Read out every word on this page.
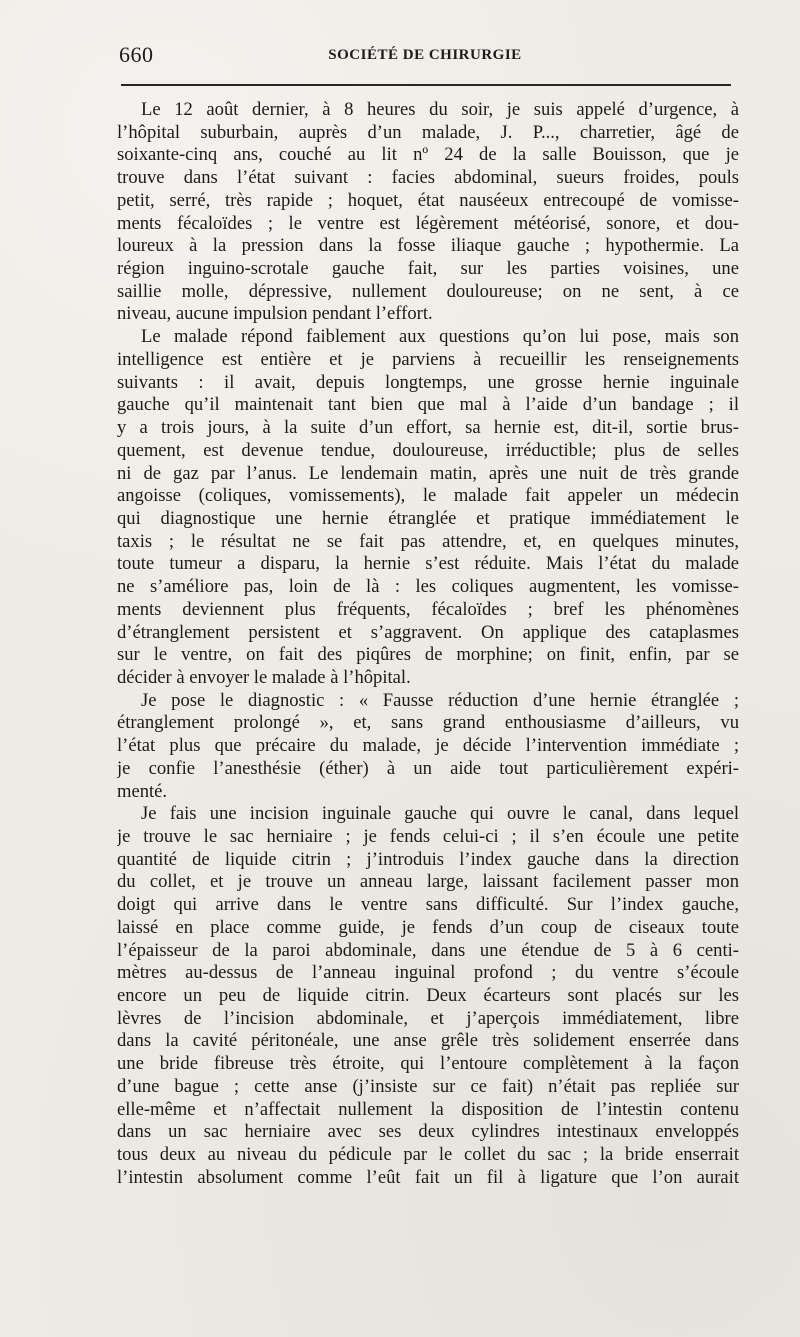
660	SOCIÉTÉ DE CHIRURGIE
Le 12 août dernier, à 8 heures du soir, je suis appelé d’urgence, à
l’hôpital suburbain, auprès d’un malade, J. P..., charretier, âgé de
soixante-cinq ans, couché au lit nº 24 de la salle Bouisson, que je
trouve dans l’état suivant : facies abdominal, sueurs froides, pouls
petit, serré, très rapide ; hoquet, état nauséeux entrecoupé de vomisse-
ments fécaloïdes ; le ventre est légèrement météorisé, sonore, et dou-
loureux à la pression dans la fosse iliaque gauche ; hypothermie. La
région inguino-scrotale gauche fait, sur les parties voisines, une
saillie molle, dépressive, nullement douloureuse; on ne sent, à ce
niveau, aucune impulsion pendant l’effort.
Le malade répond faiblement aux questions qu’on lui pose, mais son
intelligence est entière et je parviens à recueillir les renseignements
suivants : il avait, depuis longtemps, une grosse hernie inguinale
gauche qu’il maintenait tant bien que mal à l’aide d’un bandage ; il
y a trois jours, à la suite d’un effort, sa hernie est, dit-il, sortie brus-
quement, est devenue tendue, douloureuse, irréductible; plus de selles
ni de gaz par l’anus. Le lendemain matin, après une nuit de très grande
angoisse (coliques, vomissements), le malade fait appeler un médecin
qui diagnostique une hernie étranglée et pratique immédiatement le
taxis ; le résultat ne se fait pas attendre, et, en quelques minutes,
toute tumeur a disparu, la hernie s’est réduite. Mais l’état du malade
ne s’améliore pas, loin de là : les coliques augmentent, les vomisse-
ments deviennent plus fréquents, fécaloïdes ; bref les phénomènes
d’étranglement persistent et s’aggravent. On applique des cataplasmes
sur le ventre, on fait des piqûres de morphine; on finit, enfin, par se
décider à envoyer le malade à l’hôpital.
Je pose le diagnostic : « Fausse réduction d’une hernie étranglée ;
étranglement prolongé », et, sans grand enthousiasme d’ailleurs, vu
l’état plus que précaire du malade, je décide l’intervention immédiate ;
je confie l’anesthésie (éther) à un aide tout particulièrement expéri-
menté.
Je fais une incision inguinale gauche qui ouvre le canal, dans lequel
je trouve le sac herniaire ; je fends celui-ci ; il s’en écoule une petite
quantité de liquide citrin ; j’introduis l’index gauche dans la direction
du collet, et je trouve un anneau large, laissant facilement passer mon
doigt qui arrive dans le ventre sans difficulté. Sur l’index gauche,
laissé en place comme guide, je fends d’un coup de ciseaux toute
l’épaisseur de la paroi abdominale, dans une étendue de 5 à 6 centi-
mètres au-dessus de l’anneau inguinal profond ; du ventre s’écoule
encore un peu de liquide citrin. Deux écarteurs sont placés sur les
lèvres de l’incision abdominale, et j’aperçois immédiatement, libre
dans la cavité péritonéale, une anse grêle très solidement enserrée dans
une bride fibreuse très étroite, qui l’entoure complètement à la façon
d’une bague ; cette anse (j’insiste sur ce fait) n’était pas repliée sur
elle-même et n’affectait nullement la disposition de l’intestin contenu
dans un sac herniaire avec ses deux cylindres intestinaux enveloppés
tous deux au niveau du pédicule par le collet du sac ; la bride enserrait
l’intestin absolument comme l’eût fait un fil à ligature que l’on aurait
